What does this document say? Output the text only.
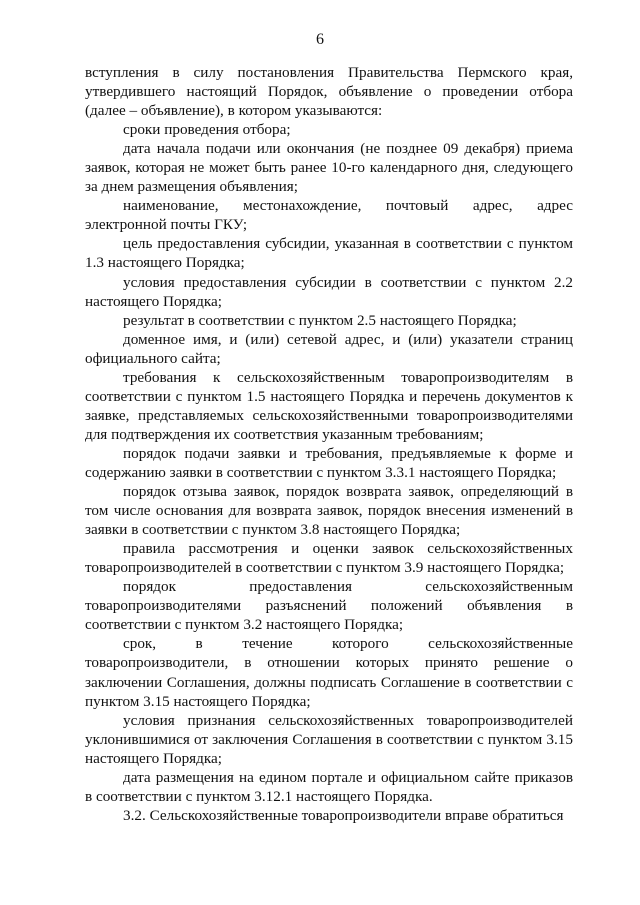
6

вступления в силу постановления Правительства Пермского края, утвердившего настоящий Порядок, объявление о проведении отбора (далее – объявление), в котором указываются:

сроки проведения отбора;

дата начала подачи или окончания (не позднее 09 декабря) приема заявок, которая не может быть ранее 10-го календарного дня, следующего за днем размещения объявления;

наименование, местонахождение, почтовый адрес, адрес электронной почты ГКУ;

цель предоставления субсидии, указанная в соответствии с пунктом 1.3 настоящего Порядка;

условия предоставления субсидии в соответствии с пунктом 2.2 настоящего Порядка;

результат в соответствии с пунктом 2.5 настоящего Порядка;

доменное имя, и (или) сетевой адрес, и (или) указатели страниц официального сайта;

требования к сельскохозяйственным товаропроизводителям в соответствии с пунктом 1.5 настоящего Порядка и перечень документов к заявке, представляемых сельскохозяйственными товаропроизводителями для подтверждения их соответствия указанным требованиям;

порядок подачи заявки и требования, предъявляемые к форме и содержанию заявки в соответствии с пунктом 3.3.1 настоящего Порядка;

порядок отзыва заявок, порядок возврата заявок, определяющий в том числе основания для возврата заявок, порядок внесения изменений в заявки в соответствии с пунктом 3.8 настоящего Порядка;

правила рассмотрения и оценки заявок сельскохозяйственных товаропроизводителей в соответствии с пунктом 3.9 настоящего Порядка;

порядок предоставления сельскохозяйственным товаропроизводителями разъяснений положений объявления в соответствии с пунктом 3.2 настоящего Порядка;

срок, в течение которого сельскохозяйственные товаропроизводители, в отношении которых принято решение о заключении Соглашения, должны подписать Соглашение в соответствии с пунктом 3.15 настоящего Порядка;

условия признания сельскохозяйственных товаропроизводителей уклонившимися от заключения Соглашения в соответствии с пунктом 3.15 настоящего Порядка;

дата размещения на едином портале и официальном сайте приказов в соответствии с пунктом 3.12.1 настоящего Порядка.

3.2. Сельскохозяйственные товаропроизводители вправе обратиться
